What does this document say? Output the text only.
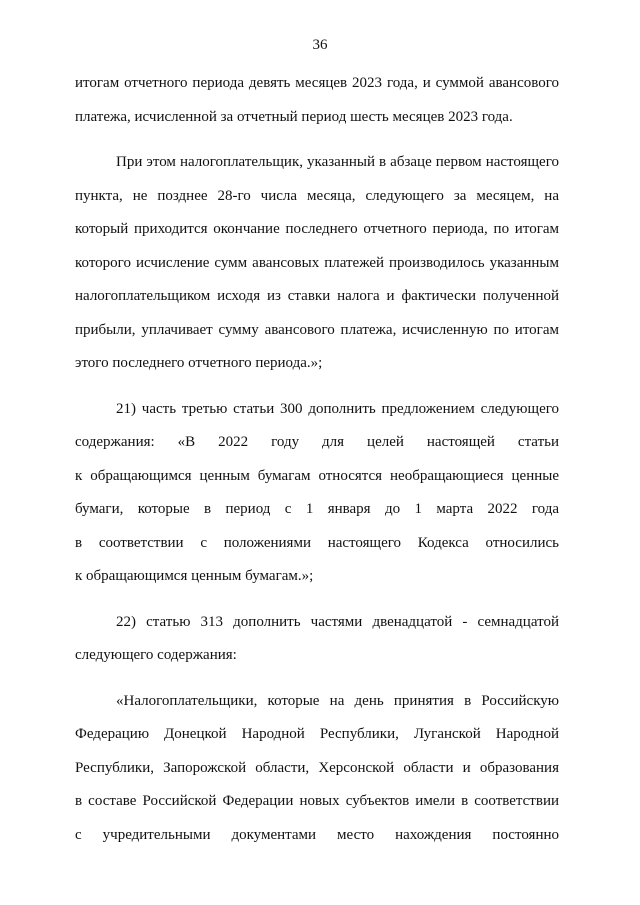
36
итогам отчетного периода девять месяцев 2023 года, и суммой авансового
платежа, исчисленной за отчетный период шесть месяцев 2023 года.
При этом налогоплательщик, указанный в абзаце первом настоящего
пункта, не позднее 28-го числа месяца, следующего за месяцем, на
который приходится окончание последнего отчетного периода, по итогам
которого исчисление сумм авансовых платежей производилось указанным
налогоплательщиком исходя из ставки налога и фактически полученной
прибыли, уплачивает сумму авансового платежа, исчисленную по итогам
этого последнего отчетного периода.»;
21) часть третью статьи 300 дополнить предложением следующего
содержания: «В 2022 году для целей настоящей статьи
к обращающимся ценным бумагам относятся необращающиеся ценные
бумаги, которые в период с 1 января до 1 марта 2022 года
в соответствии с положениями настоящего Кодекса относились
к обращающимся ценным бумагам.»;
22) статью 313 дополнить частями двенадцатой - семнадцатой
следующего содержания:
«Налогоплательщики, которые на день принятия в Российскую
Федерацию Донецкой Народной Республики, Луганской Народной
Республики, Запорожской области, Херсонской области и образования
в составе Российской Федерации новых субъектов имели в соответствии
с учредительными документами место нахождения постоянно
